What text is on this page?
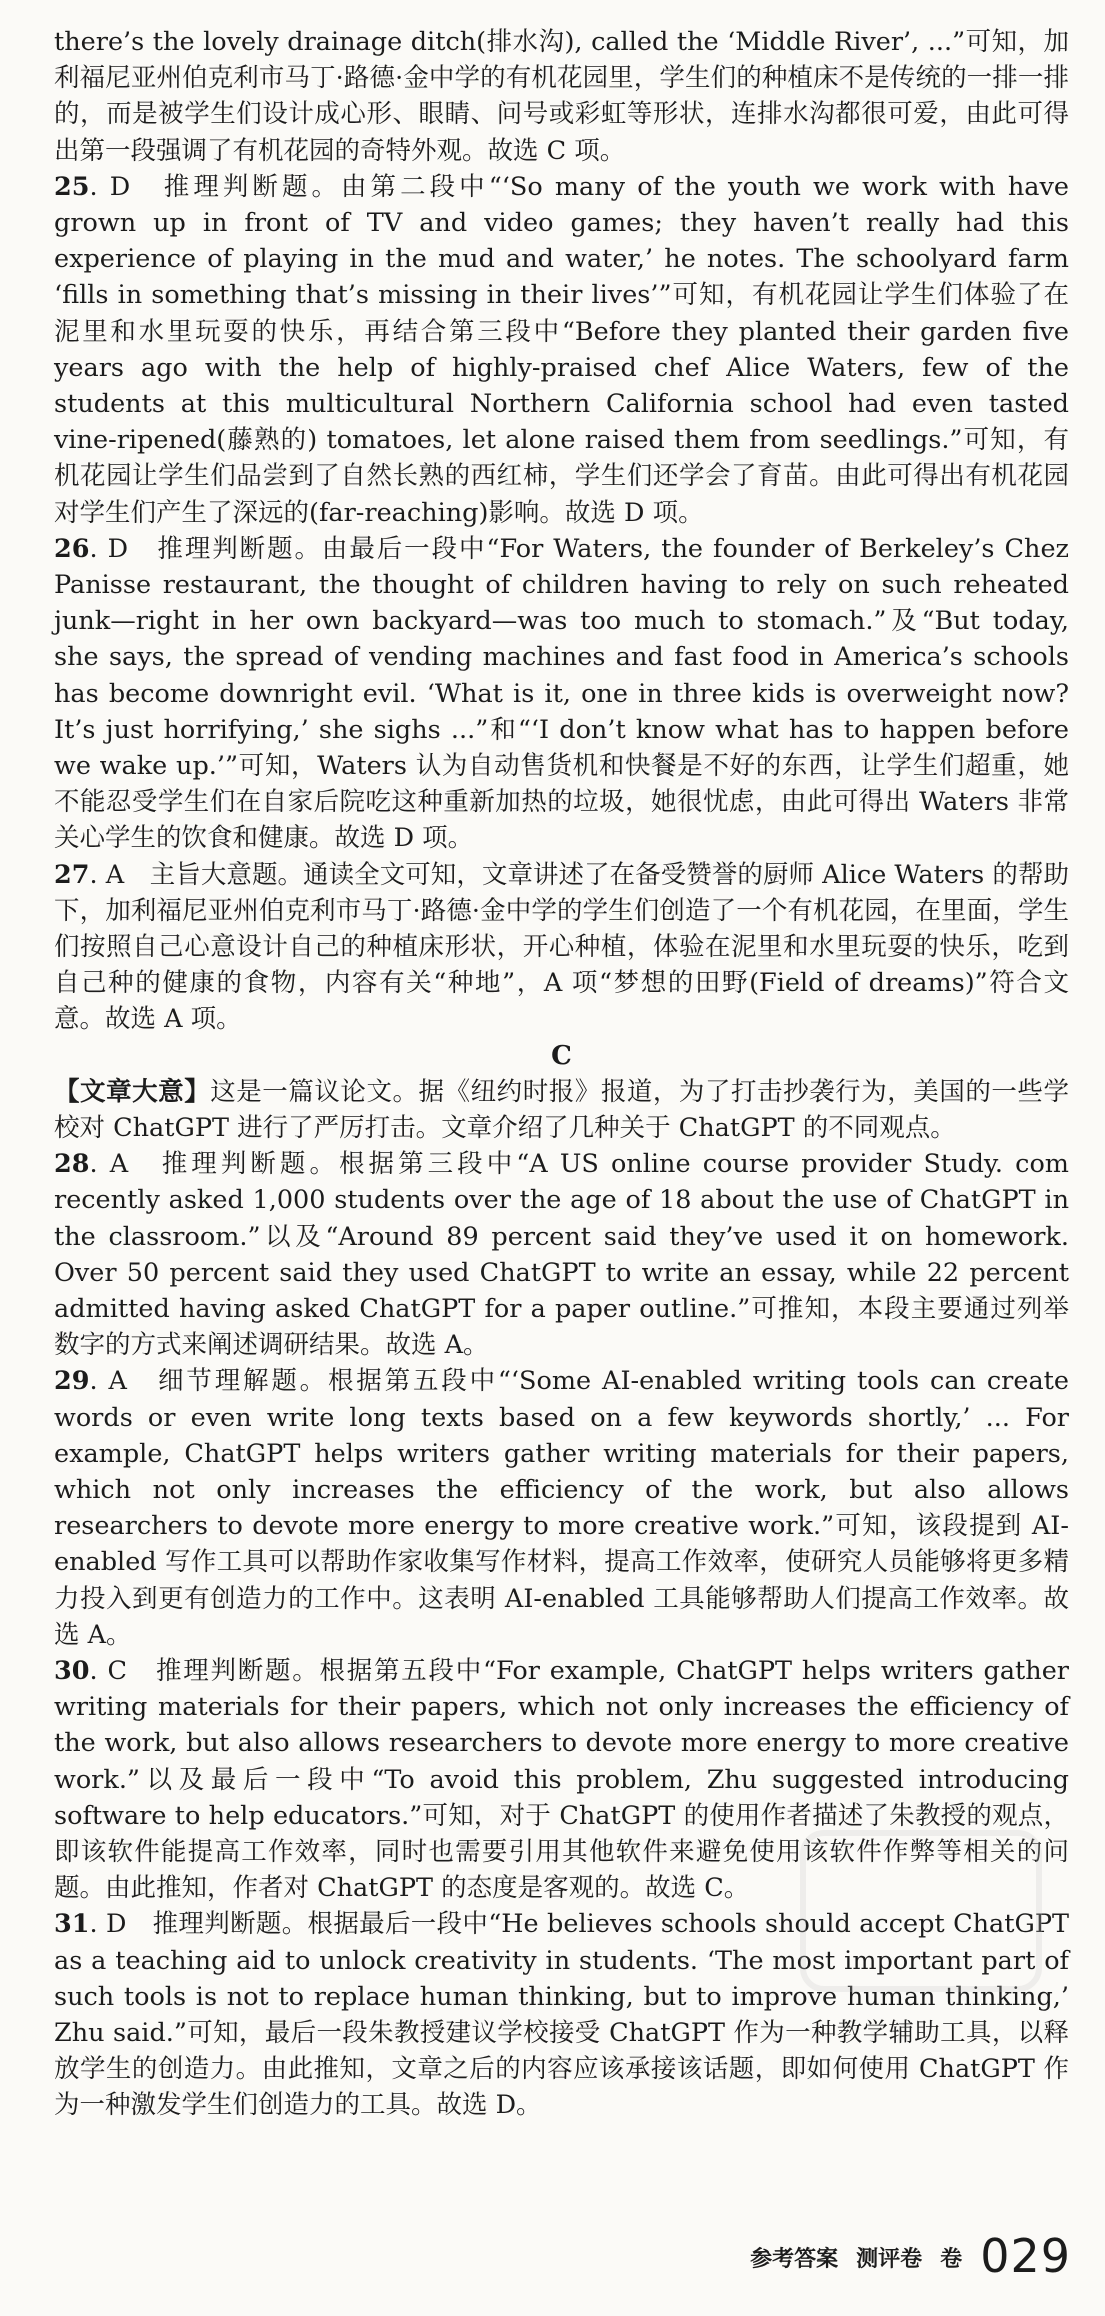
there’s the lovely drainage ditch(排水沟), called the ‘Middle River’, ...”可知，加利福尼亚州伯克利市马丁·路德·金中学的有机花园里，学生们的种植床不是传统的一排一排的，而是被学生们设计成心形、眼睛、问号或彩虹等形状，连排水沟都很可爱，由此可得出第一段强调了有机花园的奇特外观。故选 C 项。

25. D　推理判断题。由第二段中“‘So many of the youth we work with have grown up in front of TV and video games; they haven’t really had this experience of playing in the mud and water,’ he notes. The schoolyard farm ‘fills in something that’s missing in their lives’”可知，有机花园让学生们体验了在泥里和水里玩耍的快乐，再结合第三段中“Before they planted their garden five years ago with the help of highly-praised chef Alice Waters, few of the students at this multicultural Northern California school had even tasted vine-ripened(藤熟的) tomatoes, let alone raised them from seedlings.”可知，有机花园让学生们品尝到了自然长熟的西红柿，学生们还学会了育苗。由此可得出有机花园对学生们产生了深远的(far-reaching)影响。故选 D 项。

26. D　推理判断题。由最后一段中“For Waters, the founder of Berkeley’s Chez Panisse restaurant, the thought of children having to rely on such reheated junk—right in her own backyard—was too much to stomach.”及“But today, she says, the spread of vending machines and fast food in America’s schools has become downright evil. ‘What is it, one in three kids is overweight now? It’s just horrifying,’ she sighs ...”和“‘I don’t know what has to happen before we wake up.’”可知，Waters 认为自动售货机和快餐是不好的东西，让学生们超重，她不能忍受学生们在自家后院吃这种重新加热的垃圾，她很忧虑，由此可得出 Waters 非常关心学生的饮食和健康。故选 D 项。

27. A　主旨大意题。通读全文可知，文章讲述了在备受赞誉的厨师 Alice Waters 的帮助下，加利福尼亚州伯克利市马丁·路德·金中学的学生们创造了一个有机花园，在里面，学生们按照自己心意设计自己的种植床形状，开心种植，体验在泥里和水里玩耍的快乐，吃到自己种的健康的食物，内容有关“种地”，A 项“梦想的田野(Field of dreams)”符合文意。故选 A 项。

C

【文章大意】这是一篇议论文。据《纽约时报》报道，为了打击抄袭行为，美国的一些学校对 ChatGPT 进行了严厉打击。文章介绍了几种关于 ChatGPT 的不同观点。

28. A　推理判断题。根据第三段中“A US online course provider Study. com recently asked 1,000 students over the age of 18 about the use of ChatGPT in the classroom.”以及“Around 89 percent said they’ve used it on homework. Over 50 percent said they used ChatGPT to write an essay, while 22 percent admitted having asked ChatGPT for a paper outline.”可推知，本段主要通过列举数字的方式来阐述调研结果。故选 A。

29. A　细节理解题。根据第五段中“‘Some AI-enabled writing tools can create words or even write long texts based on a few keywords shortly,’ ... For example, ChatGPT helps writers gather writing materials for their papers, which not only increases the efficiency of the work, but also allows researchers to devote more energy to more creative work.”可知，该段提到 AI-enabled 写作工具可以帮助作家收集写作材料，提高工作效率，使研究人员能够将更多精力投入到更有创造力的工作中。这表明 AI-enabled 工具能够帮助人们提高工作效率。故选 A。

30. C　推理判断题。根据第五段中“For example, ChatGPT helps writers gather writing materials for their papers, which not only increases the efficiency of the work, but also allows researchers to devote more energy to more creative work.”以及最后一段中“To avoid this problem, Zhu suggested introducing software to help educators.”可知，对于 ChatGPT 的使用作者描述了朱教授的观点，即该软件能提高工作效率，同时也需要引用其他软件来避免使用该软件作弊等相关的问题。由此推知，作者对 ChatGPT 的态度是客观的。故选 C。

31. D　推理判断题。根据最后一段中“He believes schools should accept ChatGPT as a teaching aid to unlock creativity in students. ‘The most important part of such tools is not to replace human thinking, but to improve human thinking,’ Zhu said.”可知，最后一段朱教授建议学校接受 ChatGPT 作为一种教学辅助工具，以释放学生的创造力。由此推知，文章之后的内容应该承接该话题，即如何使用 ChatGPT 作为一种激发学生们创造力的工具。故选 D。

参考答案 测评卷 卷 029
